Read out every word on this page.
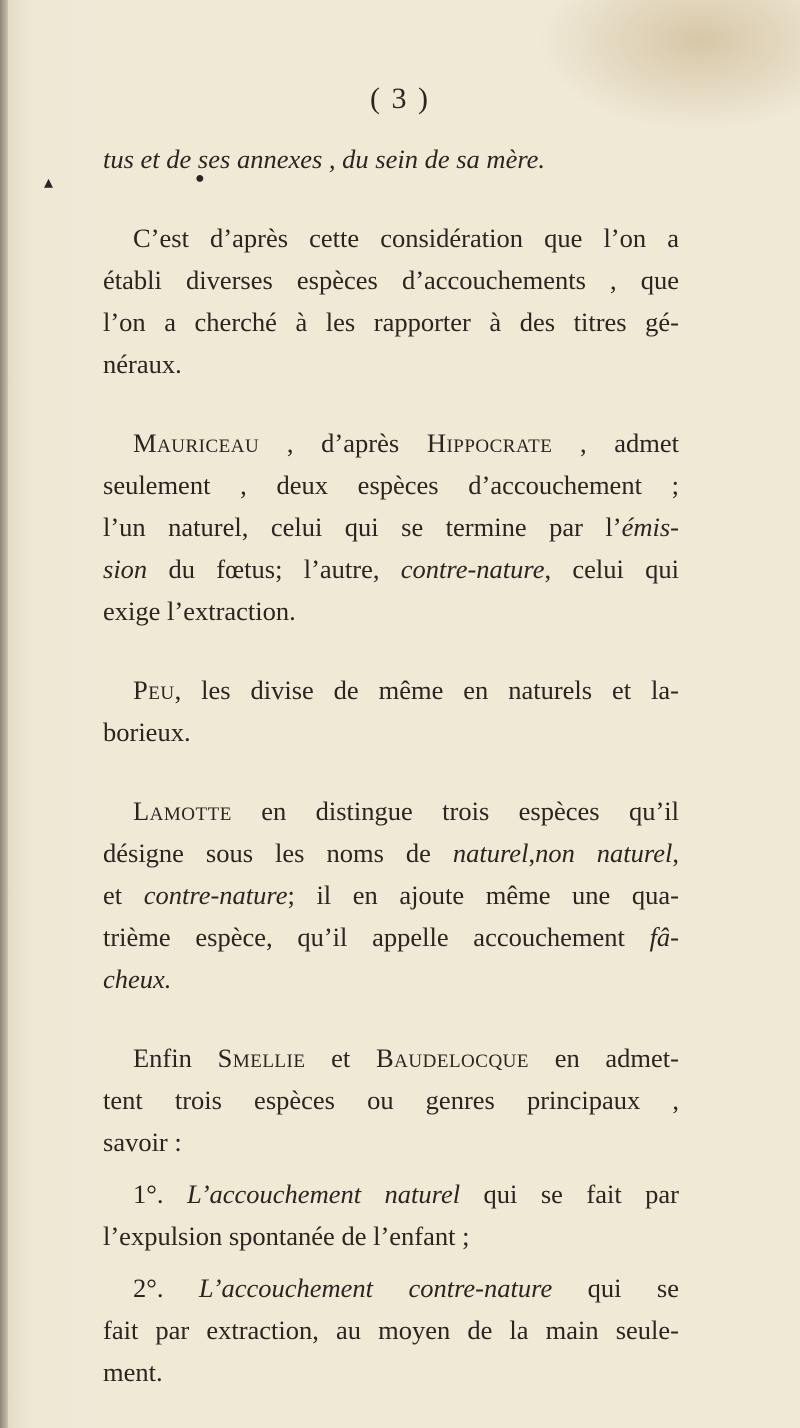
( 3 )
tus et de ses annexes , du sein de sa mère.
C’est d’après cette considération que l’on a
établi diverses espèces d’accouchements , que
l’on a cherché à les rapporter à des titres gé-
néraux.
Mauriceau , d’après Hippocrate , admet
seulement , deux espèces d’accouchement ;
l’un naturel, celui qui se termine par l’émis-
sion du fœtus; l’autre, contre-nature, celui qui
exige l’extraction.
Peu, les divise de même en naturels et la-
borieux.
Lamotte en distingue trois espèces qu’il
désigne sous les noms de naturel,non naturel,
et contre-nature; il en ajoute même une qua-
trième espèce, qu’il appelle accouchement fâ-
cheux.
Enfin Smellie et Baudelocque en admet-
tent trois espèces ou genres principaux ,
savoir :
1°. L’accouchement naturel qui se fait par
l’expulsion spontanée de l’enfant ;
2°. L’accouchement contre-nature qui se
fait par extraction, au moyen de la main seule-
ment.
▴	●
